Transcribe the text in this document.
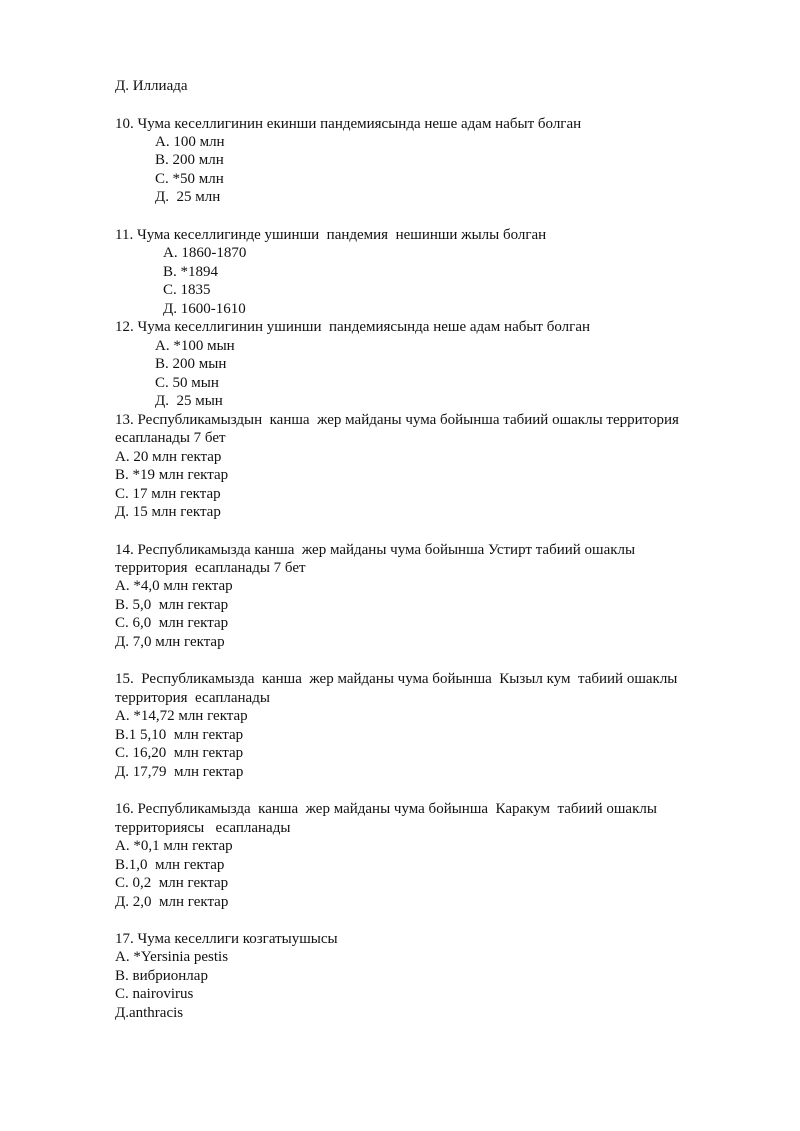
Д. Иллиада
10. Чума кеселлигинин екинши пандемиясында неше адам набыт болган
A. 100 млн
B. 200 млн
C. *50 млн
Д.  25 млн
11. Чума кеселлигинде ушинши  пандемия  нешинши жылы болган
A. 1860-1870
B. *1894
C. 1835
Д. 1600-1610
12. Чума кеселлигинин ушинши  пандемиясында неше адам набыт болган
A. *100 мын
B. 200 мын
C. 50 мын
Д.  25 мын
13. Республикамыздын  канша  жер майданы чума бойынша табиий ошаклы территория
есапланады 7 бет
A. 20 млн гектар
B. *19 млн гектар
C. 17 млн гектар
Д. 15 млн гектар
14. Республикамызда канша  жер майданы чума бойынша Устирт табиий ошаклы
территория  есапланады 7 бет
A. *4,0 млн гектар
B. 5,0  млн гектар
C. 6,0  млн гектар
Д. 7,0 млн гектар
15.  Республикамызда  канша  жер майданы чума бойынша  Кызыл кум  табиий ошаклы
территория  есапланады
A. *14,72 млн гектар
B.1 5,10  млн гектар
C. 16,20  млн гектар
Д. 17,79  млн гектар
16. Республикамызда  канша  жер майданы чума бойынша  Каракум  табиий ошаклы
территориясы   есапланады
A. *0,1 млн гектар
B.1,0  млн гектар
C. 0,2  млн гектар
Д. 2,0  млн гектар
17. Чума кеселлиги козгатыушысы
A. *Yersinia pestis
B. вибрионлар
C. nairovirus
Д.anthracis
